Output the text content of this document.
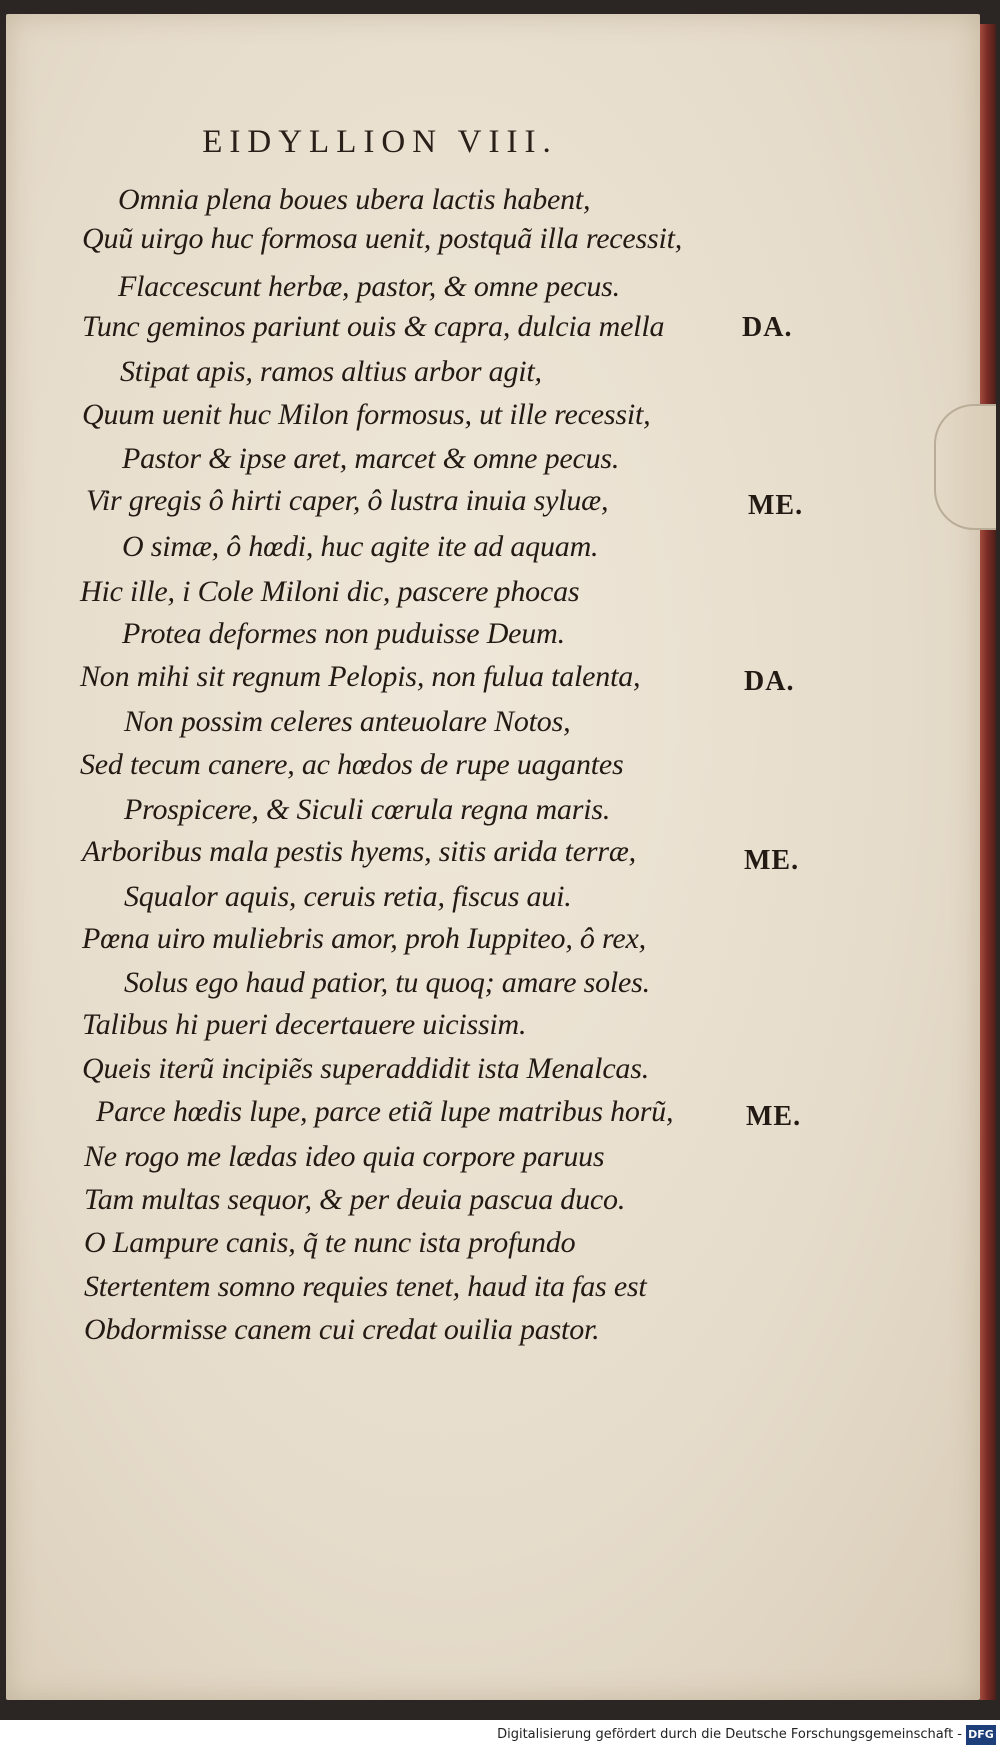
EIDYLLION VIII.
Omnia plena boues ubera lactis habent,
Quũ uirgo huc formosa uenit, postquã illa recessit,
Flaccescunt herbæ, pastor, & omne pecus.
Tunc geminos pariunt ouis & capra, dulcia mella	DA.
Stipat apis, ramos altius arbor agit,
Quum uenit huc Milon formosus, ut ille recessit,
Pastor & ipse aret, marcet & omne pecus.
Vir gregis ô hirti caper, ô lustra inuia syluæ,	ME.
O simæ, ô hœdi, huc agite ite ad aquam.
Hic ille, i Cole Miloni dic, pascere phocas
Protea deformes non puduisse Deum.
Non mihi sit regnum Pelopis, non fulua talenta,	DA.
Non possim celeres anteuolare Notos,
Sed tecum canere, ac hœdos de rupe uagantes
Prospicere, & Siculi cœrula regna maris.
Arboribus mala pestis hyems, sitis arida terræ,	ME.
Squalor aquis, ceruis retia, fiscus aui.
Pœna uiro muliebris amor, proh Iuppiteo, ô rex,
Solus ego haud patior, tu quoq; amare soles.
Talibus hi pueri decertauere uicissim.
Queis iterũ incipiẽs superaddidit ista Menalcas.
Parce hœdis lupe, parce etiã lupe matribus horũ,	ME.
Ne rogo me lædas ideo quia corpore paruus
Tam multas sequor, & per deuia pascua duco.
O Lampure canis, q̃ te nunc ista profundo
Stertentem somno requies tenet, haud ita fas est
Obdormisse canem cui credat ouilia pastor.
Digitalisierung gefördert durch die Deutsche Forschungsgemeinschaft - DFG
